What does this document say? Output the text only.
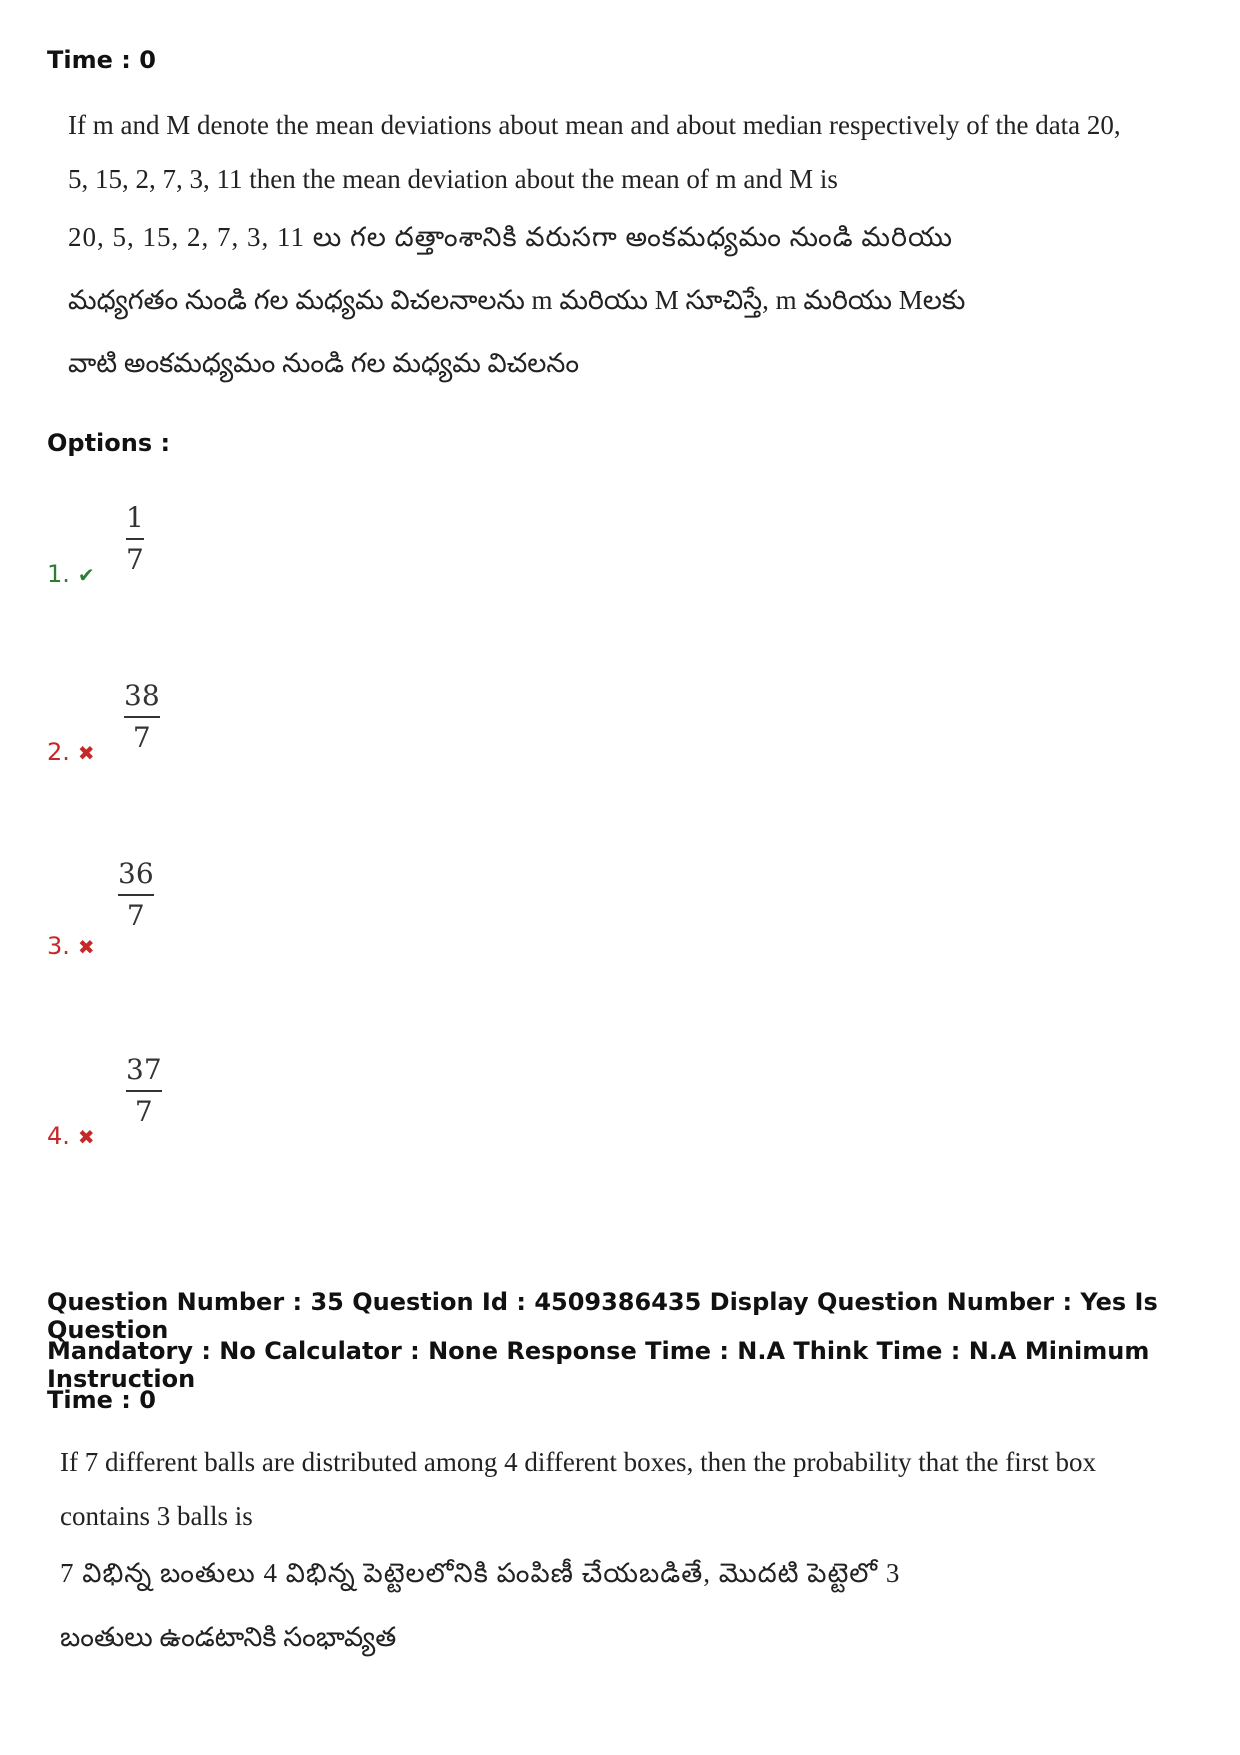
Time : 0

If m and M denote the mean deviations about mean and about median respectively of the data 20,

5, 15, 2, 7, 3, 11 then the mean deviation about the mean of m and M is

20, 5, 15, 2, 7, 3, 11 లు గల దత్తాంశానికి వరుసగా అంకమధ్యమం నుండి మరియు

మధ్యగతం నుండి గల మధ్యమ విచలనాలను m మరియు M సూచిస్తే, m మరియు Mలకు

వాటి అంకమధ్యమం నుండి గల మధ్యమ విచలనం

Options :

1. ✔
1
7
2. ✖
38
7
3. ✖
36
7
4. ✖
37
7

Question Number : 35 Question Id : 4509386435 Display Question Number : Yes Is Question

Mandatory : No Calculator : None Response Time : N.A Think Time : N.A Minimum Instruction

Time : 0

If 7 different balls are distributed among 4 different boxes, then the probability that the first box

contains 3 balls is

7 విభిన్న బంతులు 4 విభిన్న పెట్టెలలోనికి పంపిణీ చేయబడితే, మొదటి పెట్టెలో 3

బంతులు ఉండటానికి సంభావ్యత
